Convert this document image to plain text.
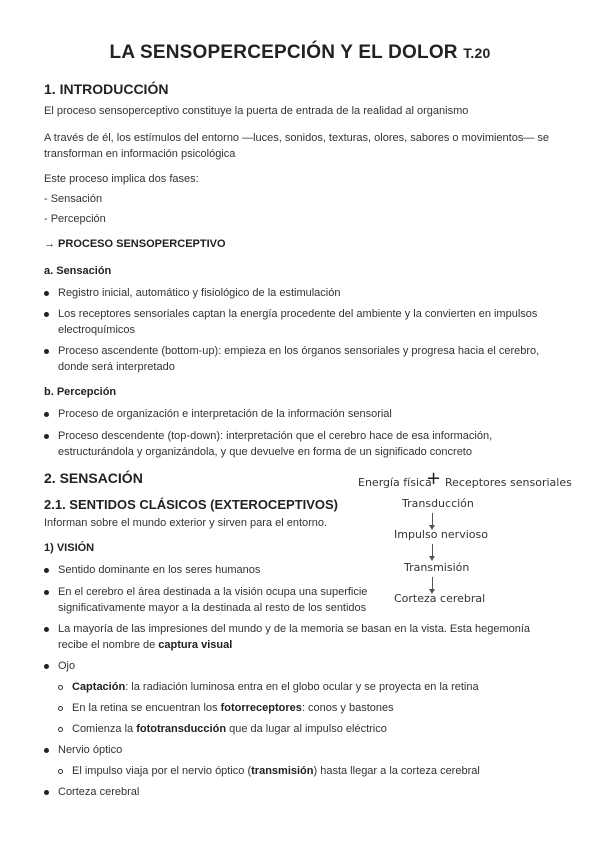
LA SENSOPERCEPCIÓN Y EL DOLOR T.20
1. INTRODUCCIÓN
El proceso sensoperceptivo constituye la puerta de entrada de la realidad al organismo
A través de él, los estímulos del entorno —luces, sonidos, texturas, olores, sabores o movimientos— se
transforman en información psicológica
Este proceso implica dos fases:
- Sensación
- Percepción
→ PROCESO SENSOPERCEPTIVO
a. Sensación
Registro inicial, automático y fisiológico de la estimulación
Los receptores sensoriales captan la energía procedente del ambiente y la convierten en impulsos
electroquímicos
Proceso ascendente (bottom-up): empieza en los órganos sensoriales y progresa hacia el cerebro,
donde será interpretado
b. Percepción
Proceso de organización e interpretación de la información sensorial
Proceso descendente (top-down): interpretación que el cerebro hace de esa información,
estructurándola y organizándola, y que devuelve en forma de un significado concreto
2. SENSACIÓN
2.1. SENTIDOS CLÁSICOS (EXTEROCEPTIVOS)
Informan sobre el mundo exterior y sirven para el entorno.
1) VISIÓN
Sentido dominante en los seres humanos
En el cerebro el área destinada a la visión ocupa una superficie
significativamente mayor a la destinada al resto de los sentidos
La mayoría de las impresiones del mundo y de la memoria se basan en la vista. Esta hegemonía
recibe el nombre de captura visual
Ojo
Captación: la radiación luminosa entra en el globo ocular y se proyecta en la retina
En la retina se encuentran los fotorreceptores: conos y bastones
Comienza la fototransducción que da lugar al impulso eléctrico
Nervio óptico
El impulso viaja por el nervio óptico (transmisión) hasta llegar a la corteza cerebral
Corteza cerebral
Energía física
+ Receptores sensoriales
Transducción
Impulso nervioso
Transmisión
Corteza cerebral
